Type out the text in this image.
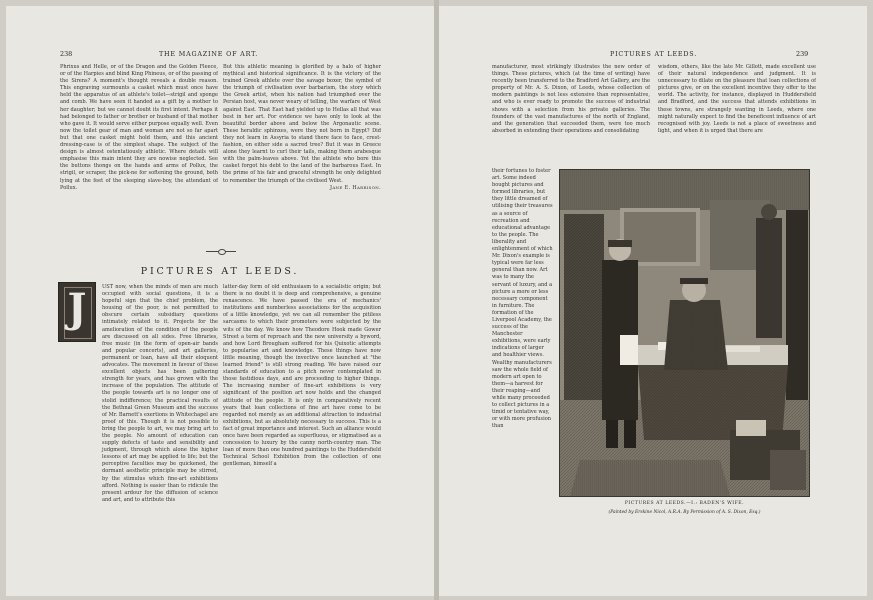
238	THE MAGAZINE OF ART.

Phrixus and Helle, or of the Dragon and the Golden Fleece, or of the Harpies and blind King Phineus, or of the passing of the Sirens? A moment's thought reveals a double reason. This engraving surmounts a casket which must once have held the apparatus of an athlete's toilet—strigil and sponge and comb. We have seen it handed as a gift by a mother to her daughter; but we cannot doubt its first intent. Perhaps it had belonged to father or brother or husband of that mother who gave it. It would serve either purpose equally well. Even now the toilet gear of man and woman are not so far apart but that one casket might hold them, and this ancient dressing-case is of the simplest shape. The subject of the design is almost ostentatiously athletic. Where details will emphasise this main intent they are nowise neglected. See the buttons thongs on the hands and arms of Pollux, the strigil, or scraper, the pick-ne for softening the ground, both lying at the feet of the sleeping slave-boy, the attendant of Pollux.

But this athletic meaning is glorified by a halo of higher mythical and historical significance. It is the victory of the trained Greek athlete over the savage boxer, the symbol of the triumph of civilisation over barbarism, the story which the Greek artist, when his nation had triumphed over the Persian host, was never weary of telling, the warfare of West against East. That East had yielded up to Hellas all that was best in her art. For evidence we have only to look at the beautiful border above and below the Argonautic scene. These heraldic sphinxes, were they not born in Egypt? Did they not learn in Assyria to stand there face to face, crest-fashion, on either side a sacred tree? But it was in Greece alone they learnt to curl their tails, making them arabesque with the palm-leaves above. Yet the athlete who bore this casket forgot his debt to the land of the barbarous East. In the prime of his fair and graceful strength he only delighted to remember the triumph of the civilised West.

Jane E. Harrison.
PICTURES AT LEEDS.
J	UST now, when the minds of men are much occupied with social questions, it is a hopeful sign that the chief problem, the housing of the poor, is not permitted to obscure certain subsidiary questions intimately related to it. Projects for the amelioration of the condition of the people are discussed on all sides. Free libraries, free music (in the form of open-air bands and popular concerts), and art galleries, permanent or loan, have all their eloquent advocates. The movement in favour of these excellent objects has been gathering strength for years, and has grown with the increase of the population. The attitude of the people towards art is no longer one of stolid indifference; the practical results of the Bethnal Green Museum and the success of Mr. Barnett's exertions in Whitechapel are proof of this. Though it is not possible to bring the people to art, we may bring art to the people. No amount of education can supply defects of taste and sensibility and judgment, through which alone the higher lessons of art may be applied to life; but the perceptive faculties may be quickened, the dormant aesthetic principle may be stirred, by the stimulus which fine-art exhibitions afford. Nothing is easier than to ridicule the present ardour for the diffusion of science and art, and to attribute this

latter-day form of old enthusiasm to a socialistic origin; but there is no doubt it is deep and comprehensive, a genuine renascence. We have passed the era of mechanics' institutions and numberless associations for the acquisition of a little knowledge, yet we can all remember the pitiless sarcasms to which their promoters were subjected by the wits of the day. We know how Theodore Hook made Gower Street a term of reproach and the new university a byword, and how Lord Brougham suffered for his Quixotic attempts to popularise art and knowledge. These things have now little meaning, though the invective once launched at "the learned friend" is still strong reading. We have raised our standards of education to a pitch never contemplated in those fastidious days, and are proceeding to higher things. The increasing number of fine-art exhibitions is very significant of the position art now holds and the changed attitude of the people. It is only in comparatively recent years that loan collections of fine art have come to be regarded not merely as an additional attraction to industrial exhibitions, but as absolutely necessary to success. This is a fact of great importance and interest. Such an alliance would once have been regarded as superfluous, or stigmatised as a concession to luxury by the canny north-country man. The loan of more than one hundred paintings to the Huddersfield Technical School Exhibition from the collection of one gentleman, himself a

PICTURES AT LEEDS.	239

manufacturer, most strikingly illustrates the new order of things. These pictures, which (at the time of writing) have recently been transferred to the Bradford Art Gallery, are the property of Mr. A. S. Dixon, of Leeds, whose collection of modern paintings is not less extensive than representative, and who is ever ready to promote the success of industrial shows with a selection from his private galleries. The founders of the vast manufactures of the north of England, and the generation that succeeded them, were too much absorbed in extending their operations and consolidating

wisdom, others, like the late Mr. Gillott, made excellent use of their natural independence and judgment. It is unnecessary to dilate on the pleasure that loan collections of pictures give, or on the excellent incentive they offer to the world. The activity, for instance, displayed in Huddersfield and Bradford, and the success that attends exhibitions in these towns, are strangely wanting in Leeds, where one might naturally expect to find the beneficent influence of art recognised with joy. Leeds is not a place of sweetness and light, and when it is urged that there are

their fortunes to foster art. Some indeed bought pictures and formed libraries, but they little dreamed of utilising their treasures as a source of recreation and educational advantage to the people. The liberality and enlightenment of which Mr. Dixon's example is typical were far less general than now. Art was to many the servant of luxury, and a picture a more or less necessary component in furniture. The formation of the Liverpool Academy, the success of the Manchester exhibitions, were early indications of larger and healthier views. Wealthy manufacturers saw the whole field of modern art open to them—a harvest for their reaping—and while many proceeded to collect pictures in a timid or tentative way, or with more profusion than

PICTURES AT LEEDS.—I.: BADEN'S WIFE.
(Painted by Erskine Nicol, A.R.A. By Permission of A. S. Dixon, Esq.)
